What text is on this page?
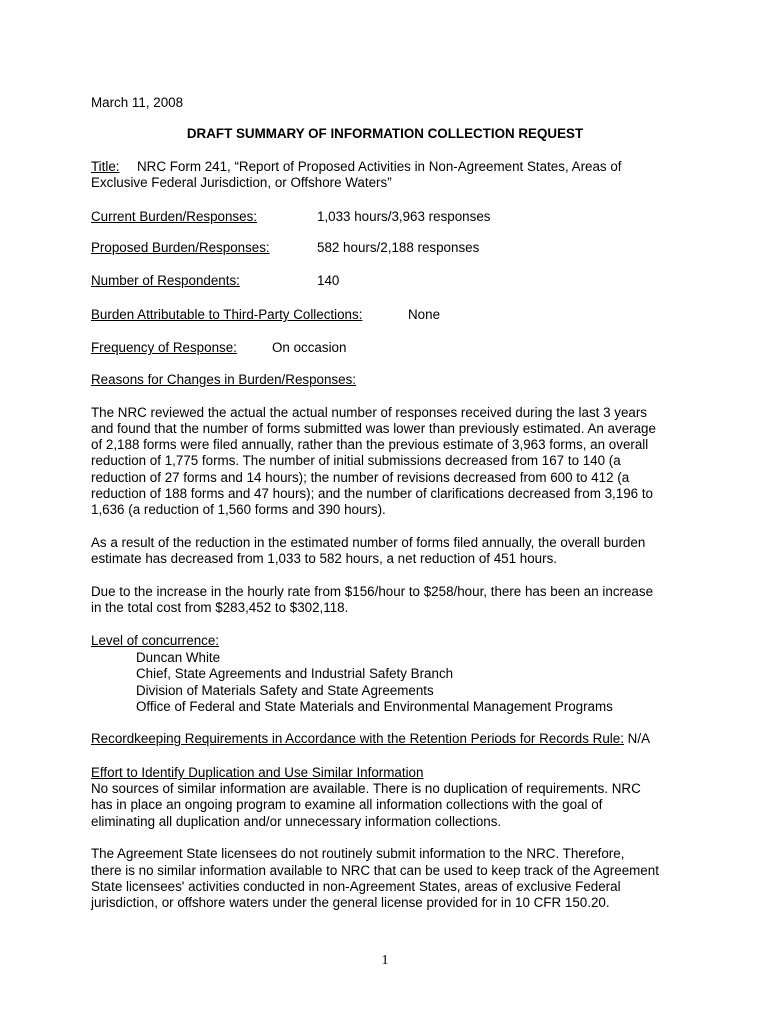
March 11, 2008
DRAFT SUMMARY OF INFORMATION COLLECTION REQUEST
Title: NRC Form 241, “Report of Proposed Activities in Non-Agreement States, Areas of
Exclusive Federal Jurisdiction, or Offshore Waters”
Current Burden/Responses:	1,033 hours/3,963 responses
Proposed Burden/Responses:	582 hours/2,188 responses
Number of Respondents:	140
Burden Attributable to Third-Party Collections:	None
Frequency of Response:	On occasion
Reasons for Changes in Burden/Responses:
The NRC reviewed the actual the actual number of responses received during the last 3 years
and found that the number of forms submitted was lower than previously estimated. An average
of 2,188 forms were filed annually, rather than the previous estimate of 3,963 forms, an overall
reduction of 1,775 forms. The number of initial submissions decreased from 167 to 140 (a
reduction of 27 forms and 14 hours); the number of revisions decreased from 600 to 412 (a
reduction of 188 forms and 47 hours); and the number of clarifications decreased from 3,196 to
1,636 (a reduction of 1,560 forms and 390 hours).
As a result of the reduction in the estimated number of forms filed annually, the overall burden
estimate has decreased from 1,033 to 582 hours, a net reduction of 451 hours.
Due to the increase in the hourly rate from $156/hour to $258/hour, there has been an increase
in the total cost from $283,452 to $302,118.
Level of concurrence:
Duncan White
Chief, State Agreements and Industrial Safety Branch
Division of Materials Safety and State Agreements
Office of Federal and State Materials and Environmental Management Programs
Recordkeeping Requirements in Accordance with the Retention Periods for Records Rule: N/A
Effort to Identify Duplication and Use Similar Information
No sources of similar information are available. There is no duplication of requirements. NRC
has in place an ongoing program to examine all information collections with the goal of
eliminating all duplication and/or unnecessary information collections.
The Agreement State licensees do not routinely submit information to the NRC. Therefore,
there is no similar information available to NRC that can be used to keep track of the Agreement
State licensees' activities conducted in non-Agreement States, areas of exclusive Federal
jurisdiction, or offshore waters under the general license provided for in 10 CFR 150.20.
1
